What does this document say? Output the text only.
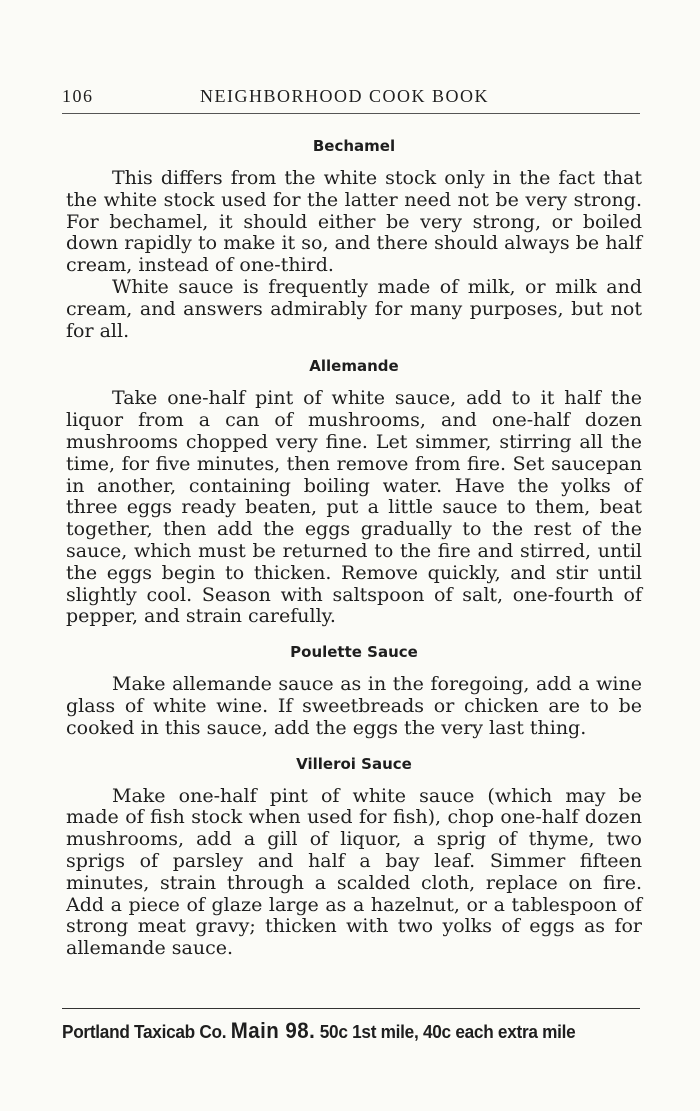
106	NEIGHBORHOOD COOK BOOK
Bechamel

This differs from the white stock only in the fact that the white stock used for the latter need not be very strong. For bechamel, it should either be very strong, or boiled down rapidly to make it so, and there should always be half cream, instead of one-third.

White sauce is frequently made of milk, or milk and cream, and answers admirably for many purposes, but not for all.

Allemande

Take one-half pint of white sauce, add to it half the liquor from a can of mushrooms, and one-half dozen mushrooms chopped very fine. Let simmer, stirring all the time, for five minutes, then remove from fire. Set saucepan in another, containing boiling water. Have the yolks of three eggs ready beaten, put a little sauce to them, beat together, then add the eggs gradually to the rest of the sauce, which must be returned to the fire and stirred, until the eggs begin to thicken. Remove quickly, and stir until slightly cool. Season with saltspoon of salt, one-fourth of pepper, and strain carefully.

Poulette Sauce

Make allemande sauce as in the foregoing, add a wine glass of white wine. If sweetbreads or chicken are to be cooked in this sauce, add the eggs the very last thing.

Villeroi Sauce

Make one-half pint of white sauce (which may be made of fish stock when used for fish), chop one-half dozen mushrooms, add a gill of liquor, a sprig of thyme, two sprigs of parsley and half a bay leaf. Simmer fifteen minutes, strain through a scalded cloth, replace on fire. Add a piece of glaze large as a hazelnut, or a tablespoon of strong meat gravy; thicken with two yolks of eggs as for allemande sauce.

Portland Taxicab Co. Main 98. 50c 1st mile, 40c each extra mile
